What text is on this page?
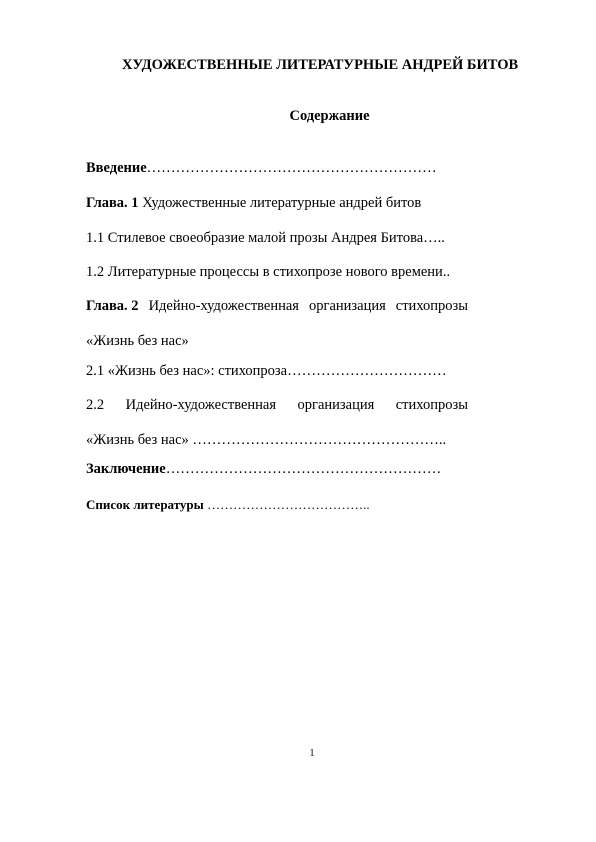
ХУДОЖЕСТВЕННЫЕ ЛИТЕРАТУРНЫЕ АНДРЕЙ БИТОВ
Содержание
Введение……………………………………………………
Глава. 1 Художественные литературные андрей битов
1.1 Стилевое своеобразие малой прозы Андрея Битова…..
1.2 Литературные процессы в стихопрозе нового времени..
Глава. 2 Идейно-художественная организация стихопрозы
«Жизнь без нас»
2.1 «Жизнь без нас»: стихопроза……………………………
2.2 Идейно-художественная организация стихопрозы
«Жизнь без нас» ……………………………………………..
Заключение…………………………………………………
Список литературы ………………………………..
1
